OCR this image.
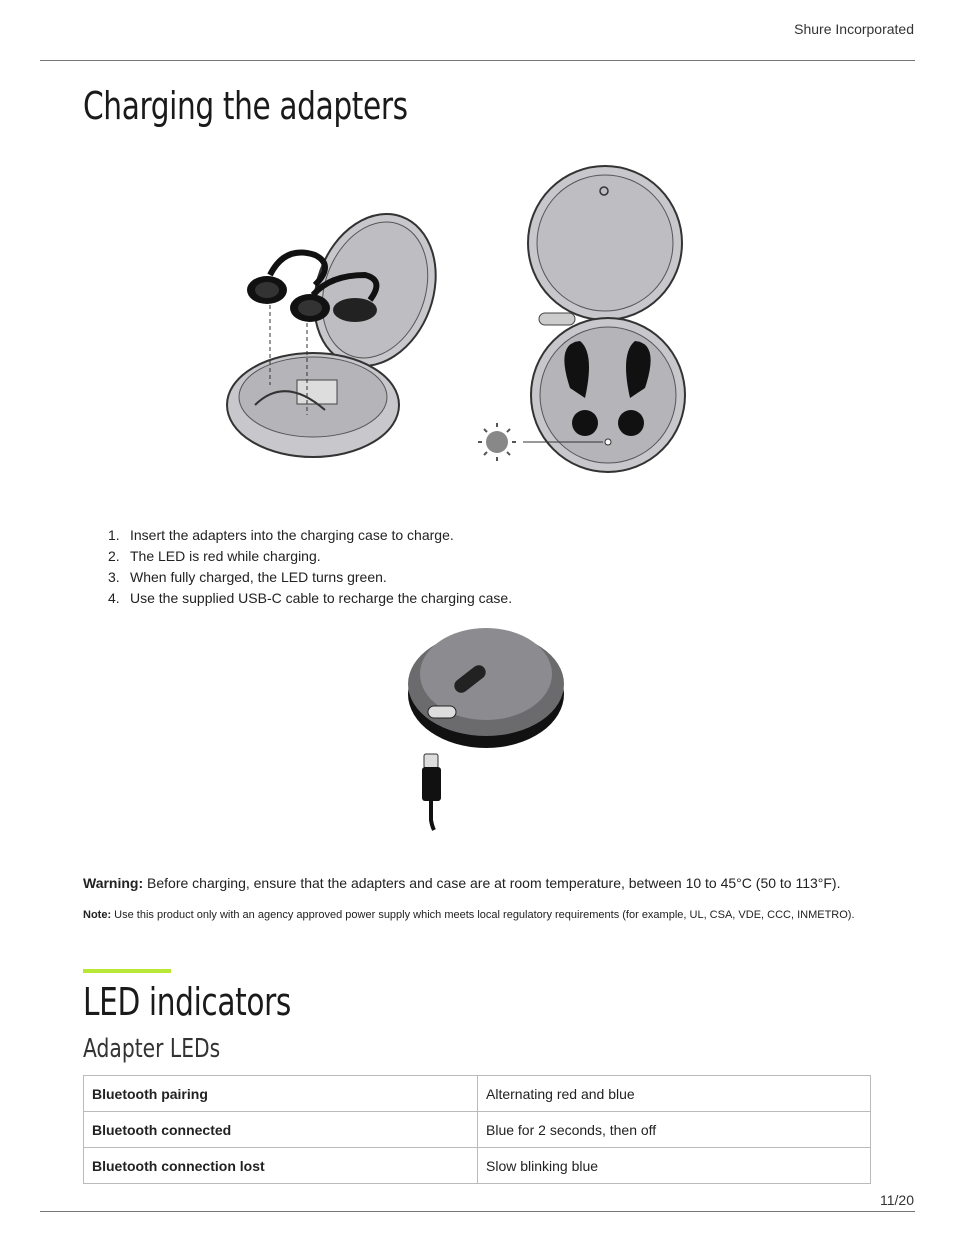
Shure Incorporated
Charging the adapters
1. Insert the adapters into the charging case to charge.
2. The LED is red while charging.
3. When fully charged, the LED turns green.
4. Use the supplied USB-C cable to recharge the charging case.
Warning: Before charging, ensure that the adapters and case are at room temperature, between 10 to 45°C (50 to 113°F).
Note: Use this product only with an agency approved power supply which meets local regulatory requirements (for example, UL, CSA, VDE, CCC, INMETRO).
LED indicators
Adapter LEDs
Bluetooth pairing	Alternating red and blue
Bluetooth connected	Blue for 2 seconds, then off
Bluetooth connection lost	Slow blinking blue
11/20
